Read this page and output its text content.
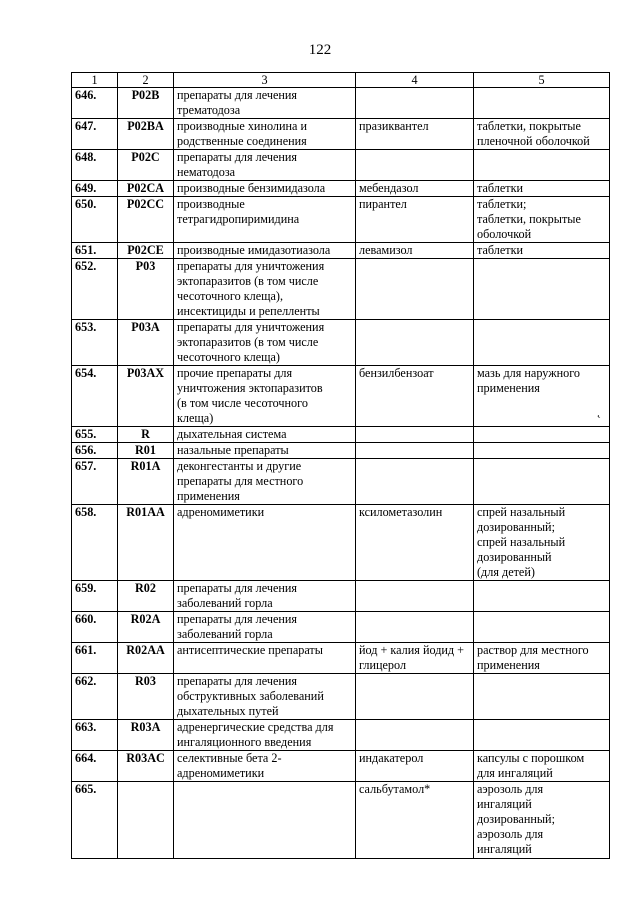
122
1	2	3	4	5
646.	P02B	препараты для лечения
трематодоза		
647.	P02BA	производные хинолина и
родственные соединения	празиквантел	таблетки, покрытые
пленочной оболочкой
648.	P02C	препараты для лечения
нематодоза		
649.	P02CA	производные бензимидазола	мебендазол	таблетки
650.	P02CC	производные
тетрагидропиримидина	пирантел	таблетки;
таблетки, покрытые
оболочкой
651.	P02CE	производные имидазотиазола	левамизол	таблетки
652.	P03	препараты для уничтожения
эктопаразитов (в том числе
чесоточного клеща),
инсектициды и репелленты		
653.	P03A	препараты для уничтожения
эктопаразитов (в том числе
чесоточного клеща)		
654.	P03AX	прочие препараты для
уничтожения эктопаразитов
(в том числе чесоточного
клеща)	бензилбензоат	мазь для наружного
применения
655.	R	дыхательная система		
656.	R01	назальные препараты		
657.	R01A	деконгестанты и другие
препараты для местного
применения		
658.	R01AA	адреномиметики	ксилометазолин	спрей назальный
дозированный;
спрей назальный
дозированный
(для детей)
659.	R02	препараты для лечения
заболеваний горла		
660.	R02A	препараты для лечения
заболеваний горла		
661.	R02AA	антисептические препараты	йод + калия йодид +
глицерол	раствор для местного
применения
662.	R03	препараты для лечения
обструктивных заболеваний
дыхательных путей		
663.	R03A	адренергические средства для
ингаляционного введения		
664.	R03AC	селективные бета 2-
адреномиметики	индакатерол	капсулы с порошком
для ингаляций
665.			сальбутамол*	аэрозоль для
ингаляций
дозированный;
аэрозоль для
ингаляций
˛
